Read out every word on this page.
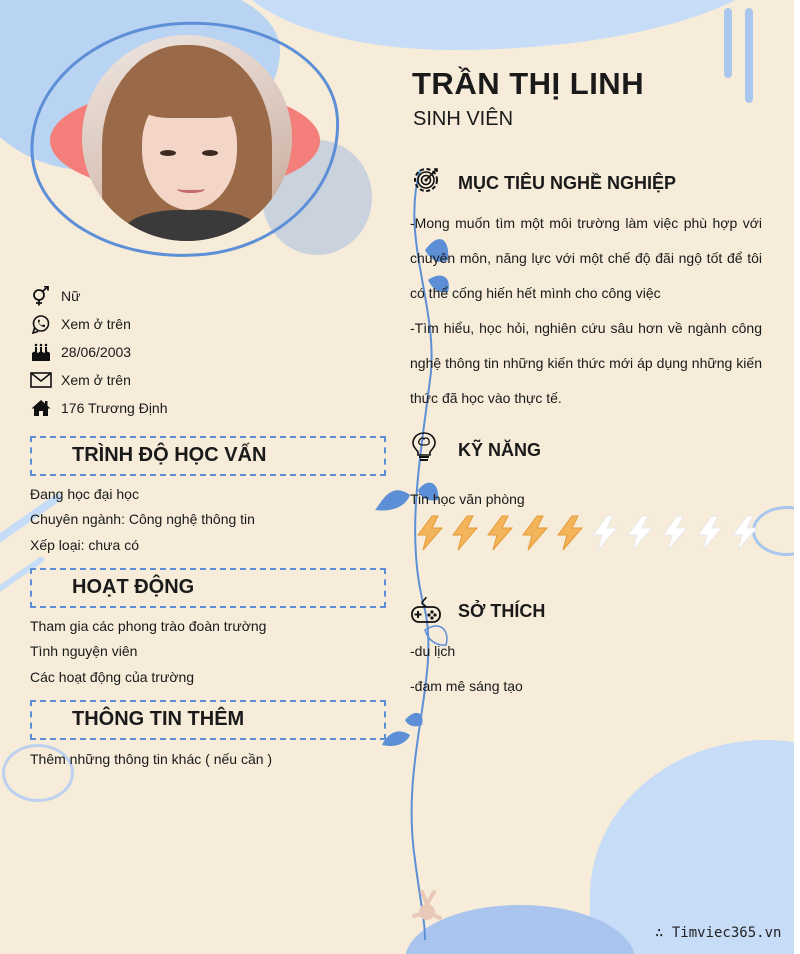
TRẦN THỊ LINH
SINH VIÊN
Nữ
Xem ở trên
28/06/2003
Xem ở trên
176 Trương Định
TRÌNH ĐỘ HỌC VẤN
Đang học đại học
Chuyên ngành: Công nghệ thông tin
Xếp loại: chưa có
HOẠT ĐỘNG
Tham gia các phong trào đoàn trường
Tình nguyện viên
Các hoạt động của trường
THÔNG TIN THÊM
Thêm những thông tin khác ( nếu cần )
MỤC TIÊU NGHỀ NGHIỆP
-Mong muốn tìm một môi trường làm việc phù hợp với chuyên môn, năng lực với một chế độ đãi ngộ tốt để tôi có thể cống hiến hết mình cho công việc
-Tìm hiểu, học hỏi, nghiên cứu sâu hơn về ngành công nghệ thông tin những kiến thức mới áp dụng những kiến thức đã học vào thực tế.
KỸ NĂNG
Tin học văn phòng
SỞ THÍCH
-du lịch
-đam mê sáng tạo
∴ Timviec365.vn
